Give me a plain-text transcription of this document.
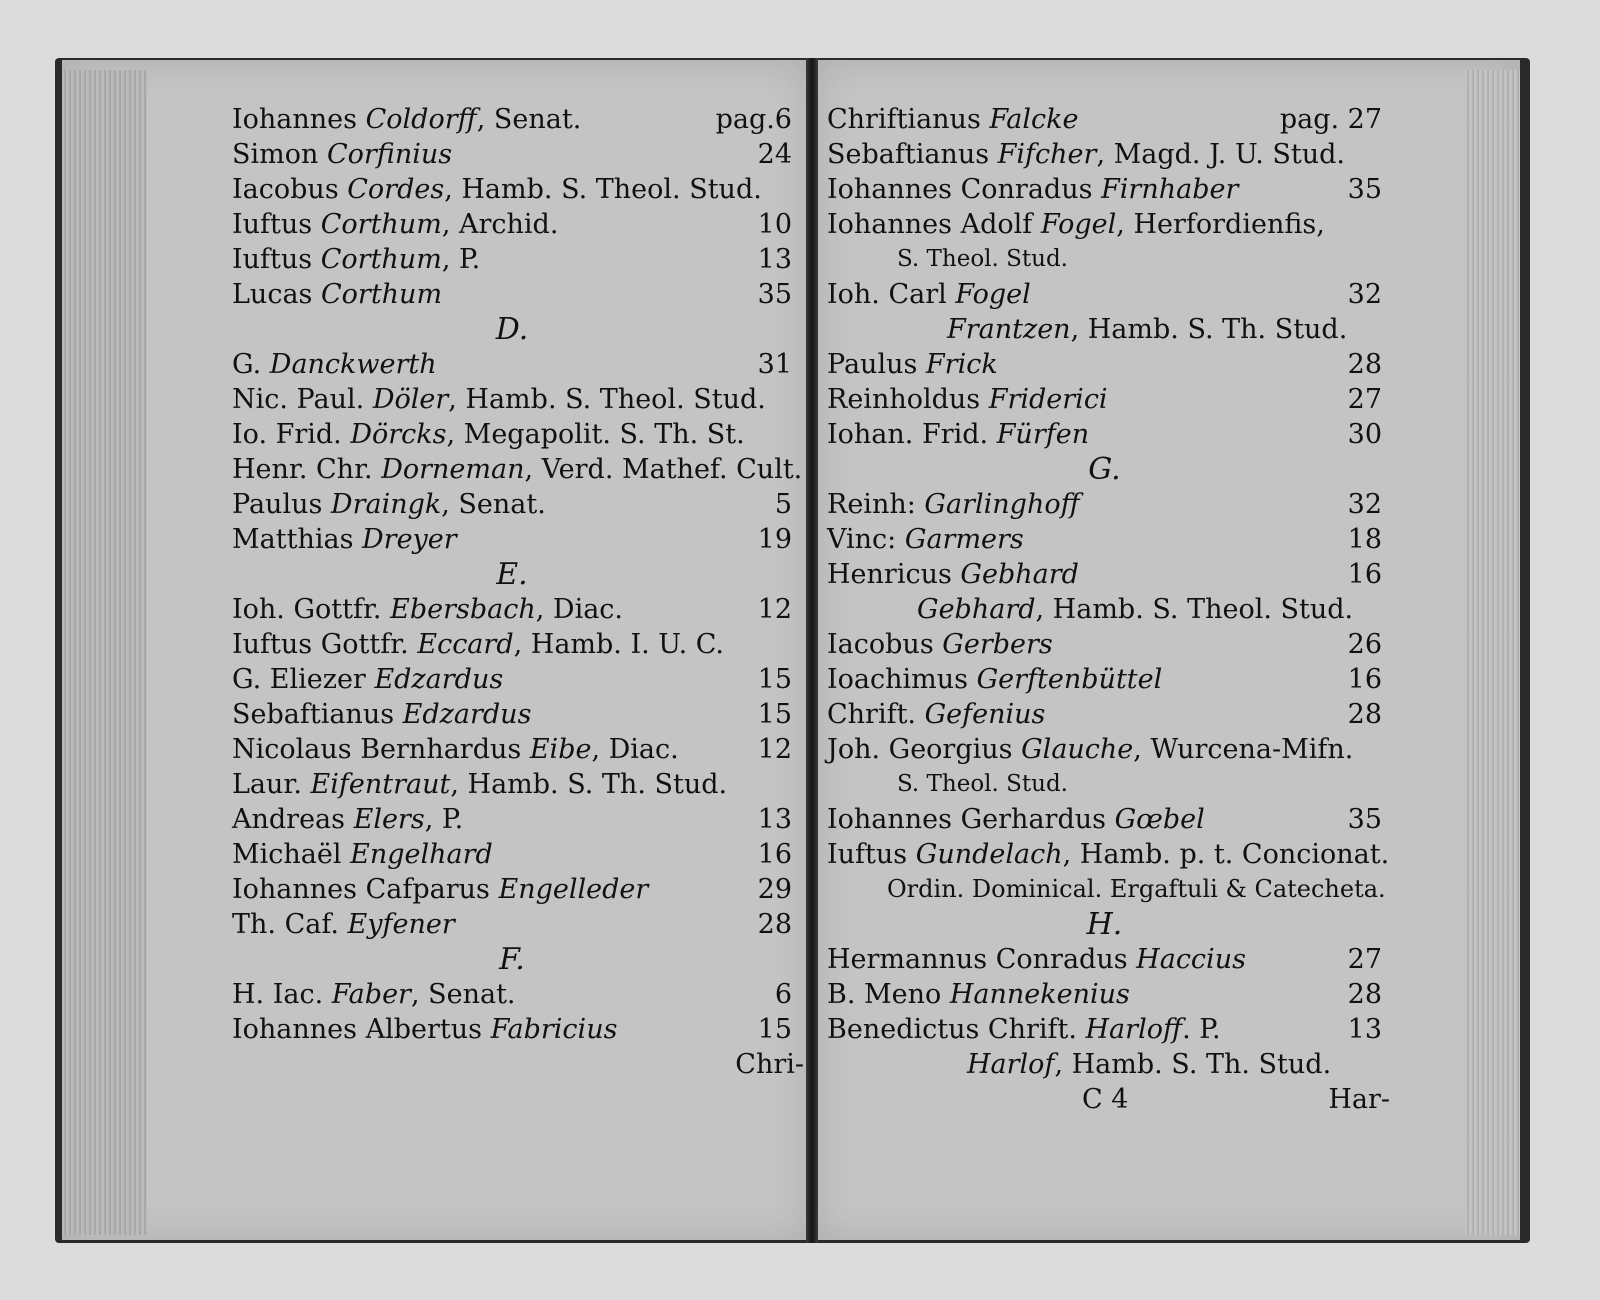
Iohannes Coldorff, Senat.	pag.6
Simon Corfinius	24
Iacobus Cordes, Hamb. S. Theol. Stud.
Iuftus Corthum, Archid.	10
Iuftus Corthum, P.	13
Lucas Corthum	35
D.
G. Danckwerth	31
Nic. Paul. Döler, Hamb. S. Theol. Stud.
Io. Frid. Dörcks, Megapolit. S. Th. St.
Henr. Chr. Dorneman, Verd. Mathef. Cult.
Paulus Draingk, Senat.	5
Matthias Dreyer	19
E.
Ioh. Gottfr. Ebersbach, Diac.	12
Iuftus Gottfr. Eccard, Hamb. I. U. C.
G. Eliezer Edzardus	15
Sebaftianus Edzardus	15
Nicolaus Bernhardus Eibe, Diac.	12
Laur. Eifentraut, Hamb. S. Th. Stud.
Andreas Elers, P.	13
Michaël Engelhard	16
Iohannes Cafparus Engelleder	29
Th. Caf. Eyfener	28
F.
H. Iac. Faber, Senat.	6
Iohannes Albertus Fabricius	15
Chri-
Chriftianus Falcke	pag. 27
Sebaftianus Fifcher, Magd. J. U. Stud.
Iohannes Conradus Firnhaber	35
Iohannes Adolf Fogel, Herfordienfis,
S. Theol. Stud.
Ioh. Carl Fogel	32
Frantzen, Hamb. S. Th. Stud.
Paulus Frick	28
Reinholdus Friderici	27
Iohan. Frid. Fürfen	30
G.
Reinh: Garlinghoff	32
Vinc: Garmers	18
Henricus Gebhard	16
Gebhard, Hamb. S. Theol. Stud.
Iacobus Gerbers	26
Ioachimus Gerftenbüttel	16
Chrift. Gefenius	28
Joh. Georgius Glauche, Wurcena-Mifn.
S. Theol. Stud.
Iohannes Gerhardus Gœbel	35
Iuftus Gundelach, Hamb. p. t. Concionat.
Ordin. Dominical. Ergaftuli & Catecheta.
H.
Hermannus Conradus Haccius	27
B. Meno Hannekenius	28
Benedictus Chrift. Harloff. P.	13
Harlof, Hamb. S. Th. Stud.
C 4	Har-
